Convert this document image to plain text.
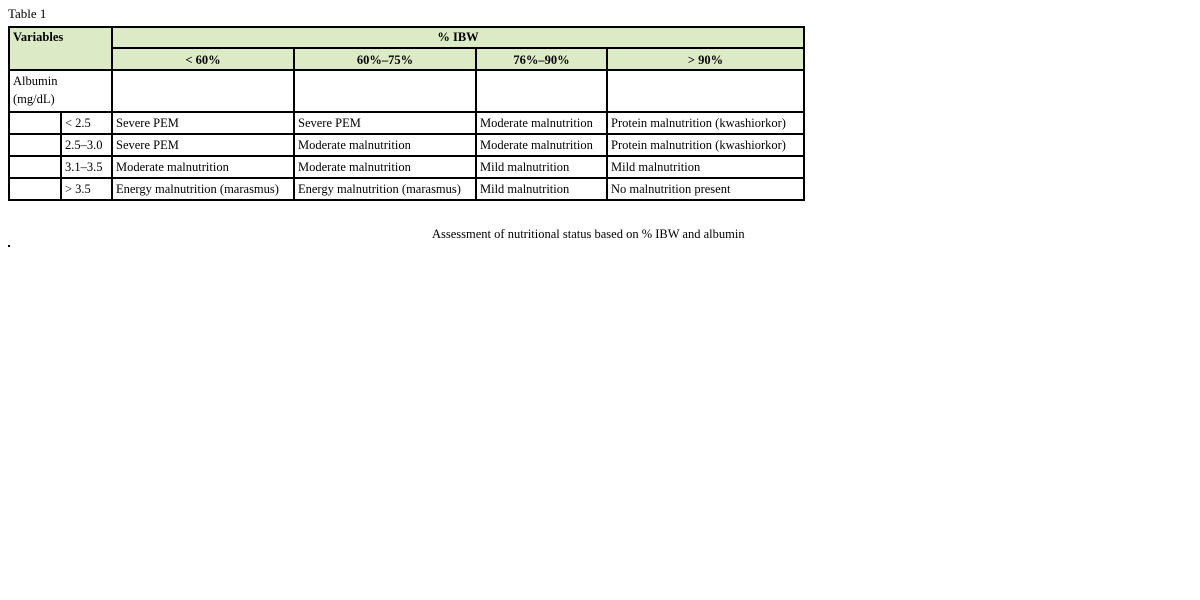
Table 1
Variables		% IBW			
		< 60%	60%–75%	76%–90%	> 90%

Albumin
(mg/dL)					

	< 2.5	Severe PEM	Severe PEM	Moderate malnutrition	Protein malnutrition (kwashiorkor)
	2.5–3.0	Severe PEM	Moderate malnutrition	Moderate malnutrition	Protein malnutrition (kwashiorkor)
	3.1–3.5	Moderate malnutrition	Moderate malnutrition	Mild malnutrition	Mild malnutrition
	> 3.5	Energy malnutrition (marasmus)	Energy malnutrition (marasmus)	Mild malnutrition	No malnutrition present
Assessment of nutritional status based on % IBW and albumin
